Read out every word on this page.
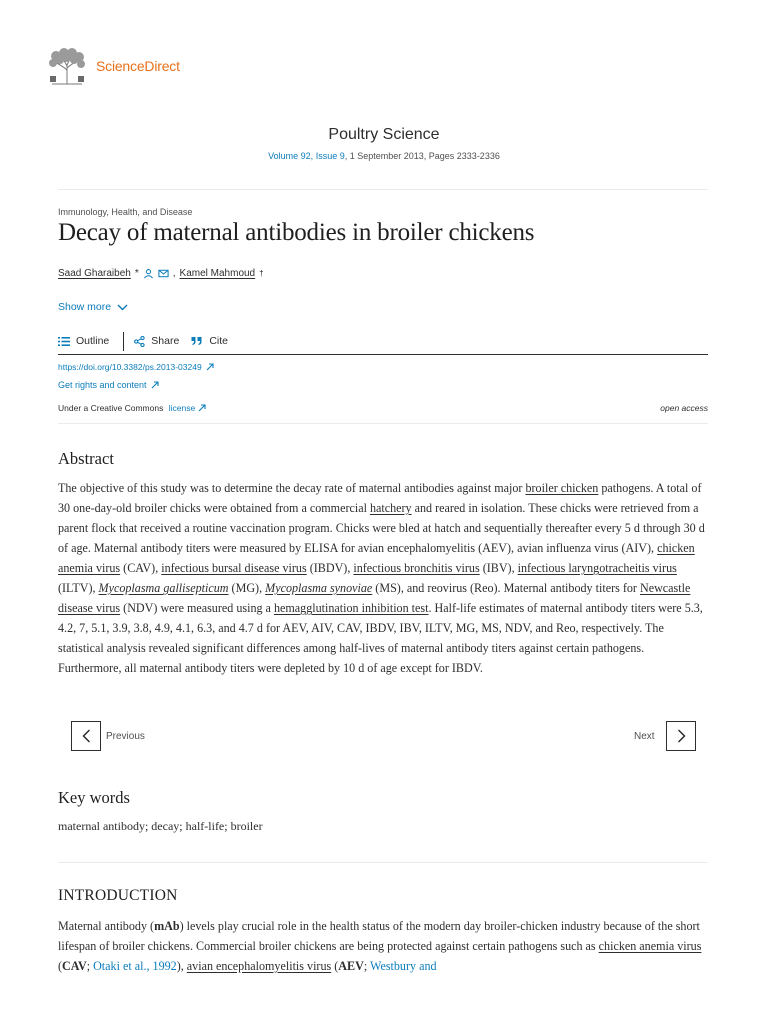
ScienceDirect
Poultry Science
Volume 92, Issue 9, 1 September 2013, Pages 2333-2336
Immunology, Health, and Disease
Decay of maternal antibodies in broiler chickens
Saad Gharaibeh *	, Kamel Mahmoud †
Show more
Outline	Share	Cite
https://doi.org/10.3382/ps.2013-03249
Get rights and content
Under a Creative Commons license	open access
Abstract

The objective of this study was to determine the decay rate of maternal antibodies against major broiler chicken pathogens. A total of 30 one-day-old broiler chicks were obtained from a commercial hatchery and reared in isolation. These chicks were retrieved from a parent flock that received a routine vaccination program. Chicks were bled at hatch and sequentially thereafter every 5 d through 30 d of age. Maternal antibody titers were measured by ELISA for avian encephalomyelitis (AEV), avian influenza virus (AIV), chicken anemia virus (CAV), infectious bursal disease virus (IBDV), infectious bronchitis virus (IBV), infectious laryngotracheitis virus (ILTV), Mycoplasma gallisepticum (MG), Mycoplasma synoviae (MS), and reovirus (Reo). Maternal antibody titers for Newcastle disease virus (NDV) were measured using a hemagglutination inhibition test. Half-life estimates of maternal antibody titers were 5.3, 4.2, 7, 5.1, 3.9, 3.8, 4.9, 4.1, 6.3, and 4.7 d for AEV, AIV, CAV, IBDV, IBV, ILTV, MG, MS, NDV, and Reo, respectively. The statistical analysis revealed significant differences among half-lives of maternal antibody titers against certain pathogens. Furthermore, all maternal antibody titers were depleted by 10 d of age except for IBDV.

Previous	Next
Key words
maternal antibody; decay; half-life; broiler
INTRODUCTION

Maternal antibody (mAb) levels play crucial role in the health status of the modern day broiler-chicken industry because of the short lifespan of broiler chickens. Commercial broiler chickens are being protected against certain pathogens such as chicken anemia virus (CAV; Otaki et al., 1992), avian encephalomyelitis virus (AEV; Westbury and
